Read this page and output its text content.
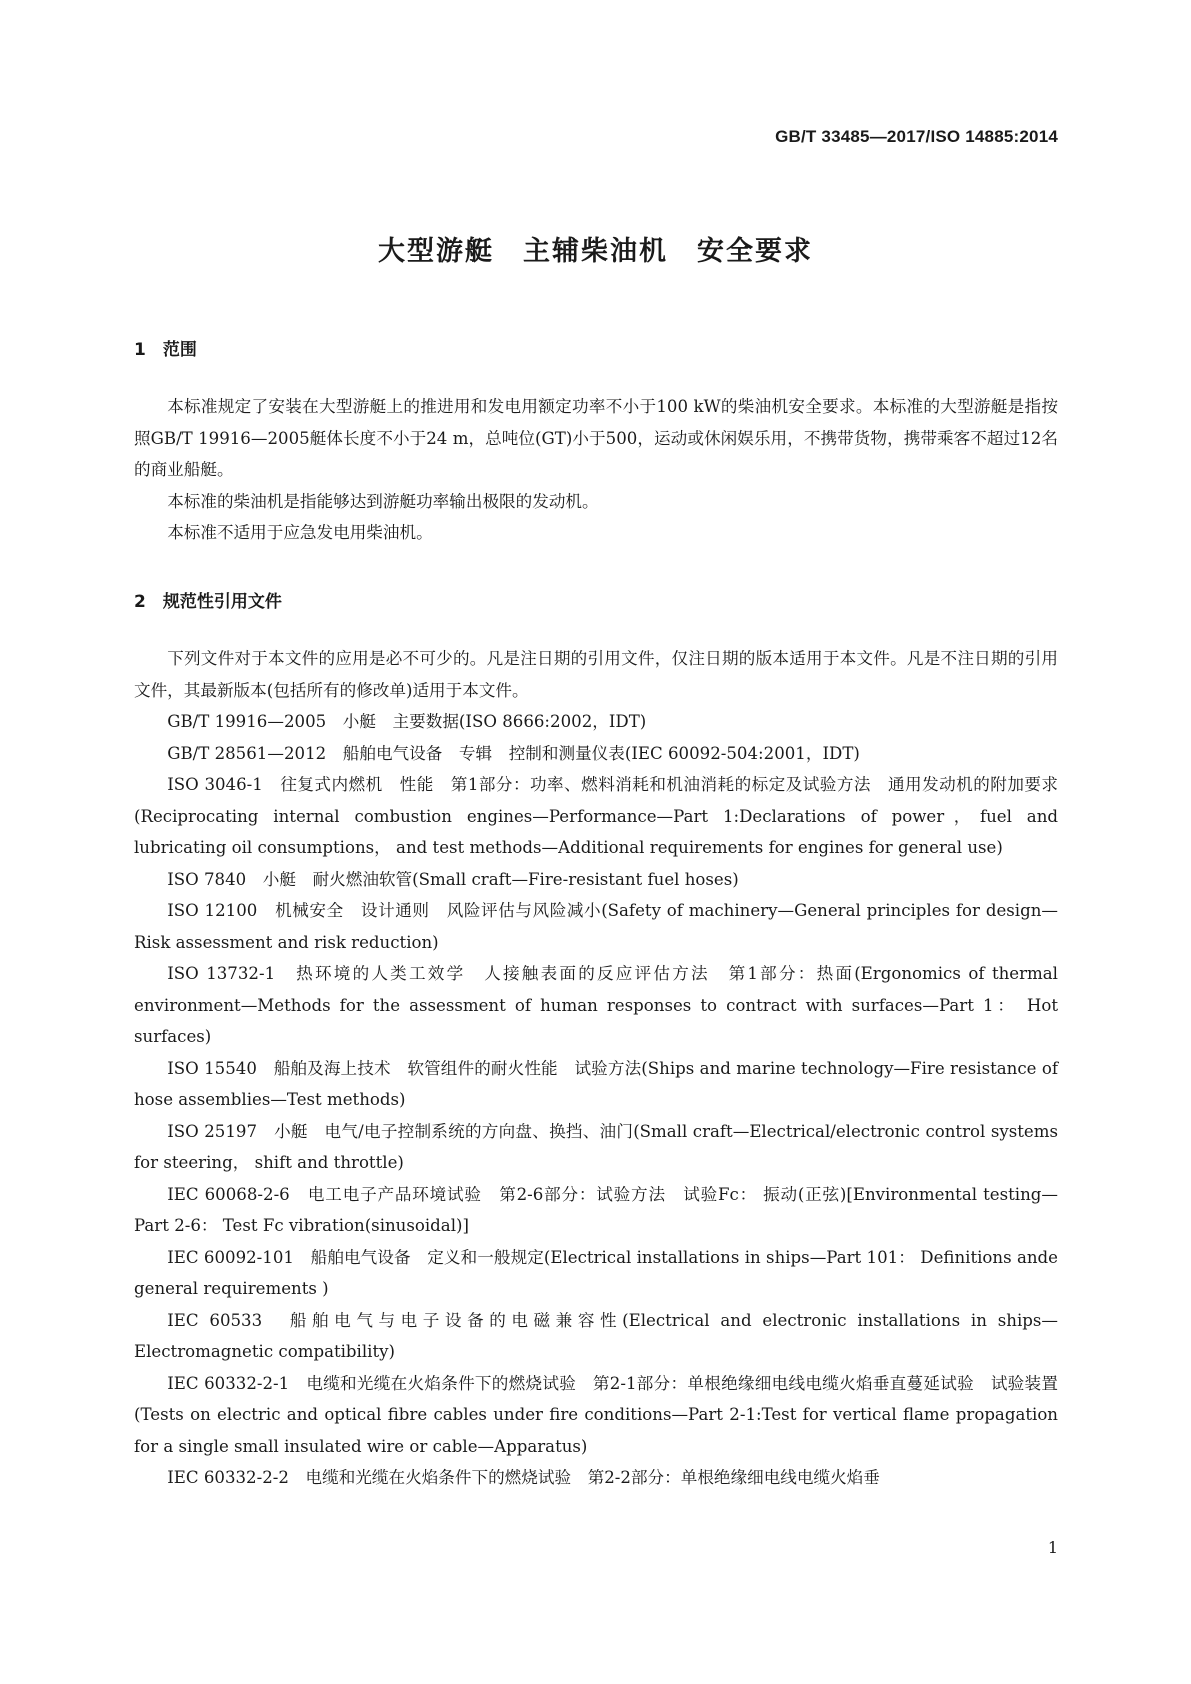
GB/T 33485—2017/ISO 14885:2014
大型游艇　主辅柴油机　安全要求
1　范围

本标准规定了安装在大型游艇上的推进用和发电用额定功率不小于100 kW的柴油机安全要求。本标准的大型游艇是指按照GB/T 19916—2005艇体长度不小于24 m，总吨位(GT)小于500，运动或休闲娱乐用，不携带货物，携带乘客不超过12名的商业船艇。

本标准的柴油机是指能够达到游艇功率输出极限的发动机。

本标准不适用于应急发电用柴油机。

2　规范性引用文件

下列文件对于本文件的应用是必不可少的。凡是注日期的引用文件，仅注日期的版本适用于本文件。凡是不注日期的引用文件，其最新版本(包括所有的修改单)适用于本文件。

GB/T 19916—2005　小艇　主要数据(ISO 8666:2002，IDT)

GB/T 28561—2012　船舶电气设备　专辑　控制和测量仪表(IEC 60092-504:2001，IDT)

ISO 3046-1　往复式内燃机　性能　第1部分：功率、燃料消耗和机油消耗的标定及试验方法　通用发动机的附加要求(Reciprocating internal combustion engines—Performance—Part 1:Declarations of power，fuel and lubricating oil consumptions， and test methods—Additional requirements for engines for general use)

ISO 7840　小艇　耐火燃油软管(Small craft—Fire-resistant fuel hoses)

ISO 12100　机械安全　设计通则　风险评估与风险减小(Safety of machinery—General principles for design—Risk assessment and risk reduction)

ISO 13732-1　热环境的人类工效学　人接触表面的反应评估方法　第1部分：热面(Ergonomics of thermal environment—Methods for the assessment of human responses to contract with surfaces—Part 1： Hot surfaces)

ISO 15540　船舶及海上技术　软管组件的耐火性能　试验方法(Ships and marine technology—Fire resistance of hose assemblies—Test methods)

ISO 25197　小艇　电气/电子控制系统的方向盘、换挡、油门(Small craft—Electrical/electronic control systems for steering， shift and throttle)

IEC 60068-2-6　电工电子产品环境试验　第2-6部分：试验方法　试验Fc： 振动(正弦)[Environmental testing—Part 2-6： Test Fc vibration(sinusoidal)]

IEC 60092-101　船舶电气设备　定义和一般规定(Electrical installations in ships—Part 101： Definitions ande general requirements )

IEC 60533　船舶电气与电子设备的电磁兼容性(Electrical and electronic installations in ships—Electromagnetic compatibility)

IEC 60332-2-1　电缆和光缆在火焰条件下的燃烧试验　第2-1部分：单根绝缘细电线电缆火焰垂直蔓延试验　试验装置(Tests on electric and optical fibre cables under fire conditions—Part 2-1:Test for vertical flame propagation for a single small insulated wire or cable—Apparatus)

IEC 60332-2-2　电缆和光缆在火焰条件下的燃烧试验　第2-2部分：单根绝缘细电线电缆火焰垂

1
